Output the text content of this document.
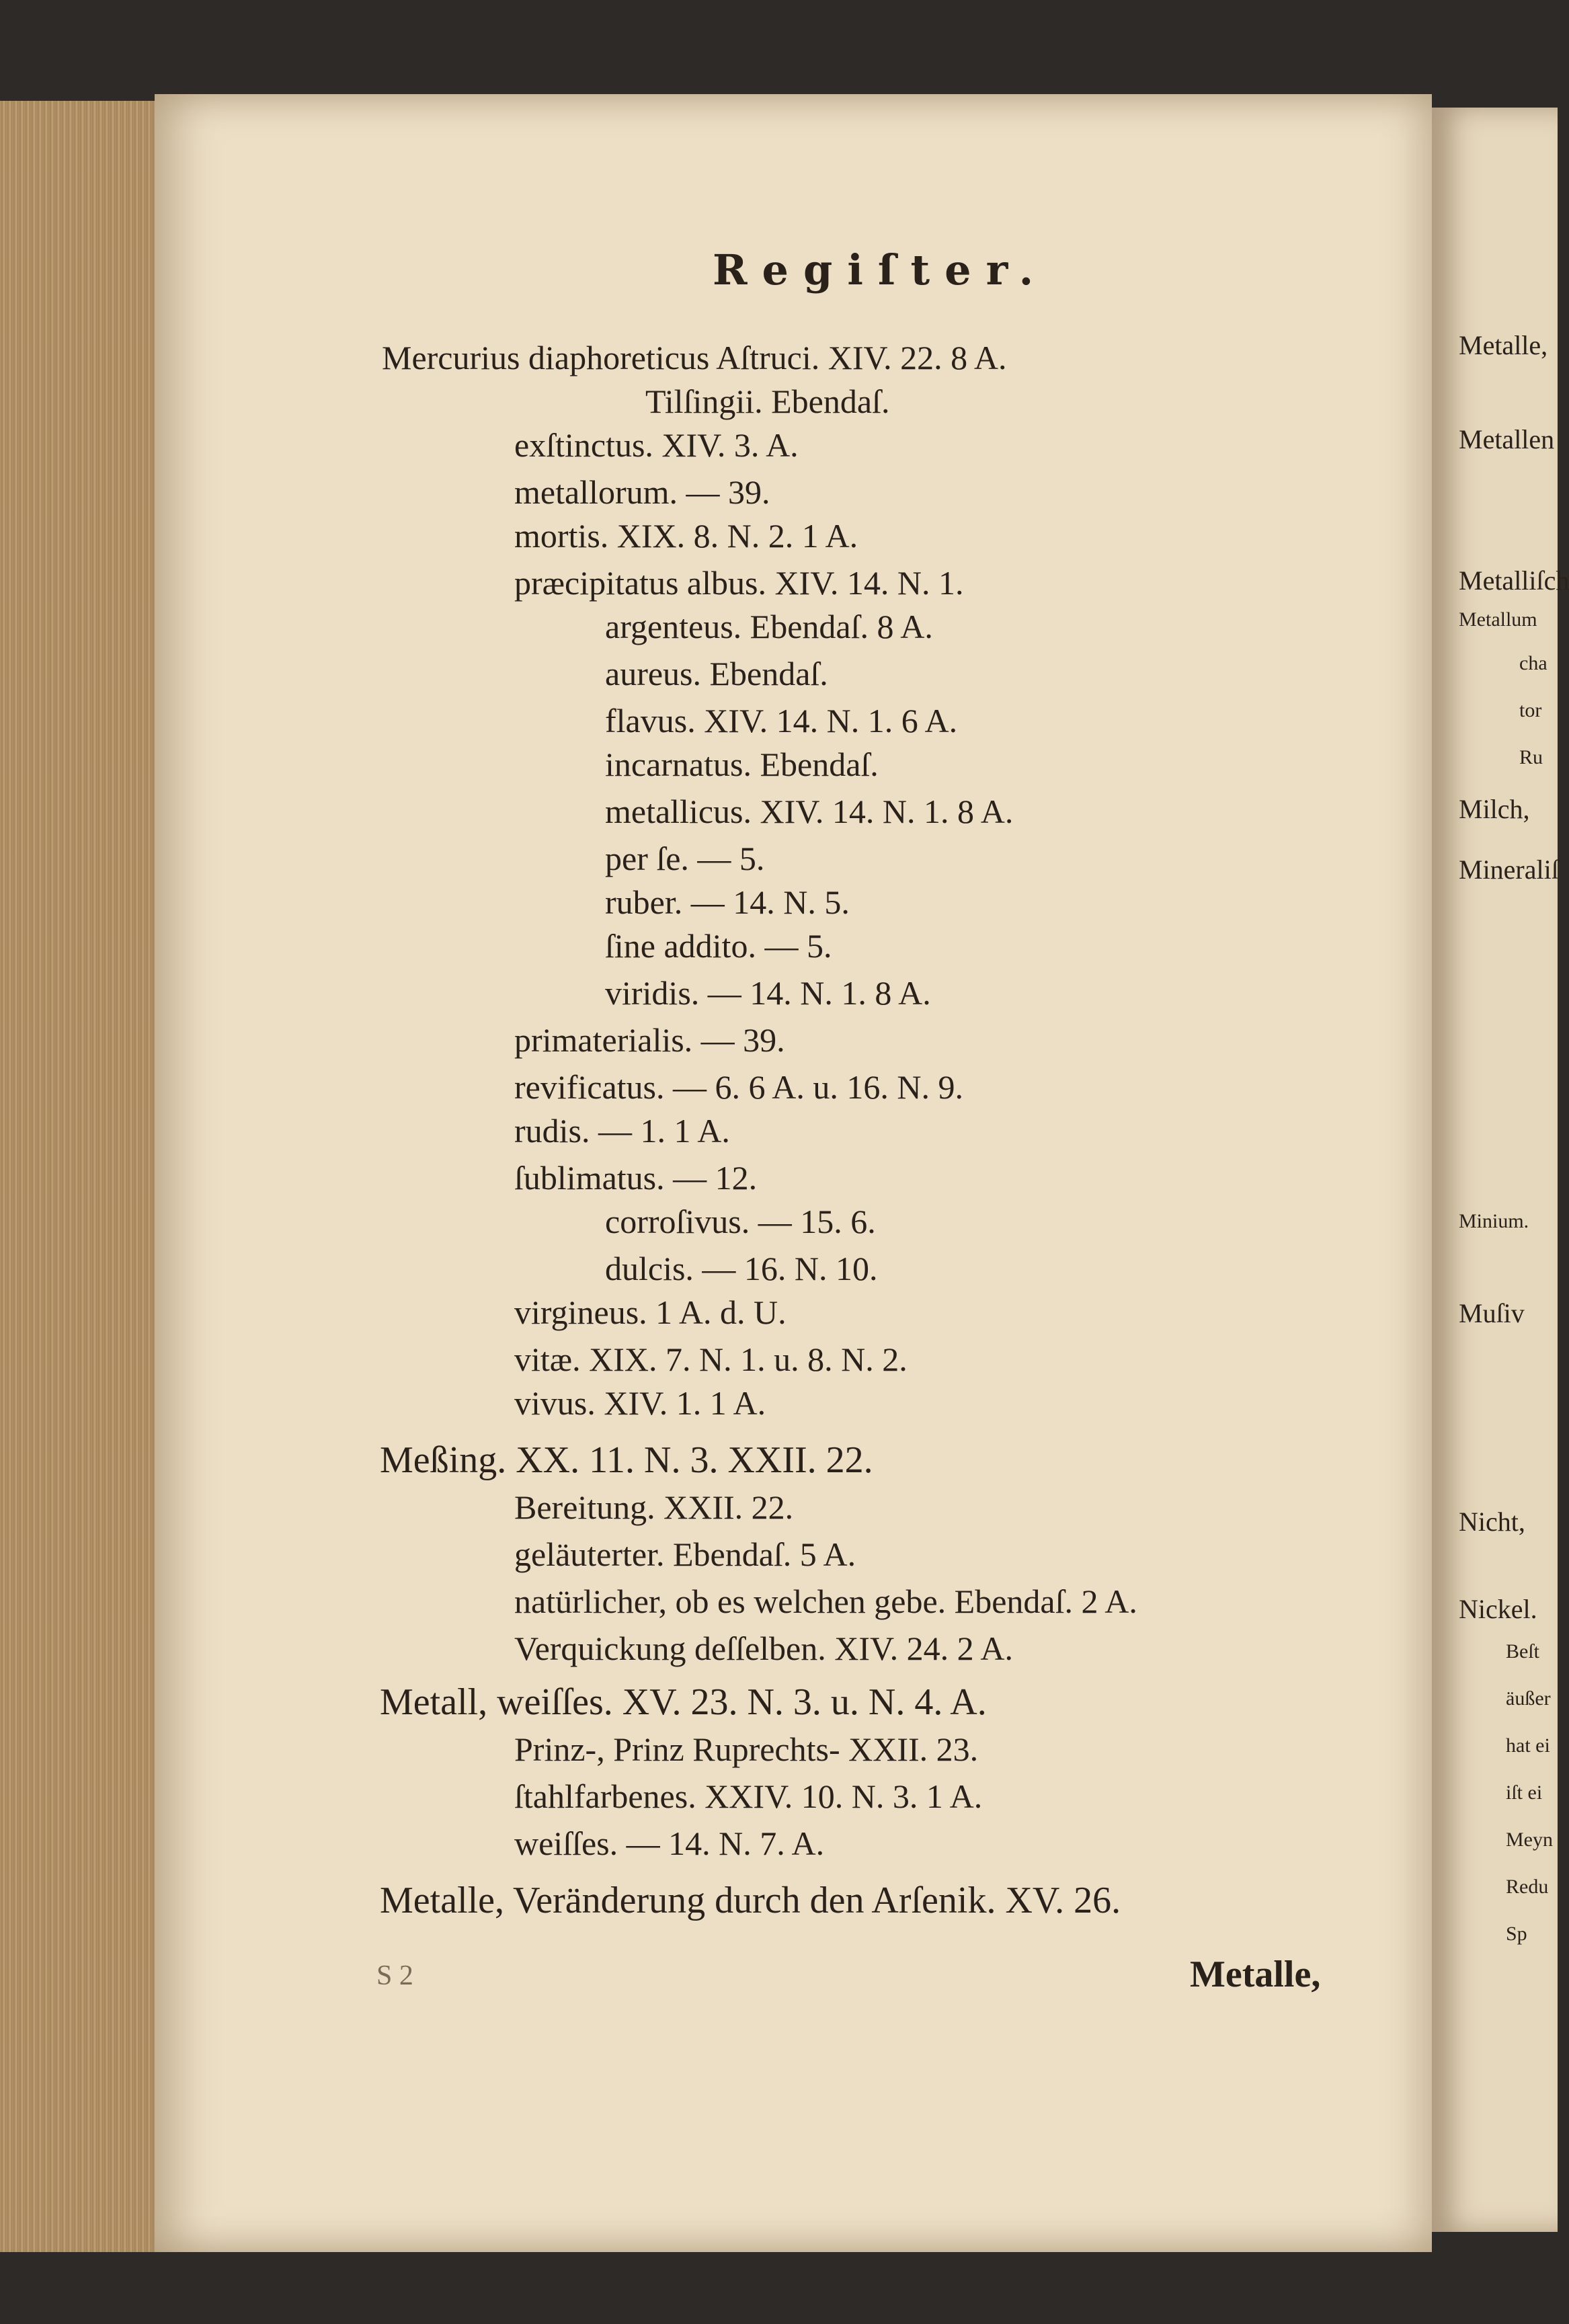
Metalle,
Metallen
Metalliſch
Metallum
cha
tor
Ru
Milch,
Mineraliſ
Minium.
Muſiv
Nicht,
Nickel.
Beſt
äußer
hat ei
iſt ei
Meyn
Redu
Sp
Regiſter.
Mercurius diaphoreticus Aſtruci. XIV. 22. 8 A.
Tilſingii. Ebendaſ.
exſtinctus. XIV. 3. A.
metallorum. — 39.
mortis. XIX. 8. N. 2. 1 A.
præcipitatus albus. XIV. 14. N. 1.
argenteus. Ebendaſ. 8 A.
aureus. Ebendaſ.
flavus. XIV. 14. N. 1. 6 A.
incarnatus. Ebendaſ.
metallicus. XIV. 14. N. 1. 8 A.
per ſe. — 5.
ruber. — 14. N. 5.
ſine addito. — 5.
viridis. — 14. N. 1. 8 A.
primaterialis. — 39.
revificatus. — 6. 6 A. u. 16. N. 9.
rudis. — 1. 1 A.
ſublimatus. — 12.
corroſivus. — 15. 6.
dulcis. — 16. N. 10.
virgineus. 1 A. d. U.
vitæ. XIX. 7. N. 1. u. 8. N. 2.
vivus. XIV. 1. 1 A.
Meßing. XX. 11. N. 3. XXII. 22.
Bereitung. XXII. 22.
geläuterter. Ebendaſ. 5 A.
natürlicher, ob es welchen gebe. Ebendaſ. 2 A.
Verquickung deſſelben. XIV. 24. 2 A.
Metall, weiſſes. XV. 23. N. 3. u. N. 4. A.
Prinz-, Prinz Ruprechts- XXII. 23.
ſtahlfarbenes. XXIV. 10. N. 3. 1 A.
weiſſes. — 14. N. 7. A.
Metalle, Veränderung durch den Arſenik. XV. 26.
S 2	Metalle,
